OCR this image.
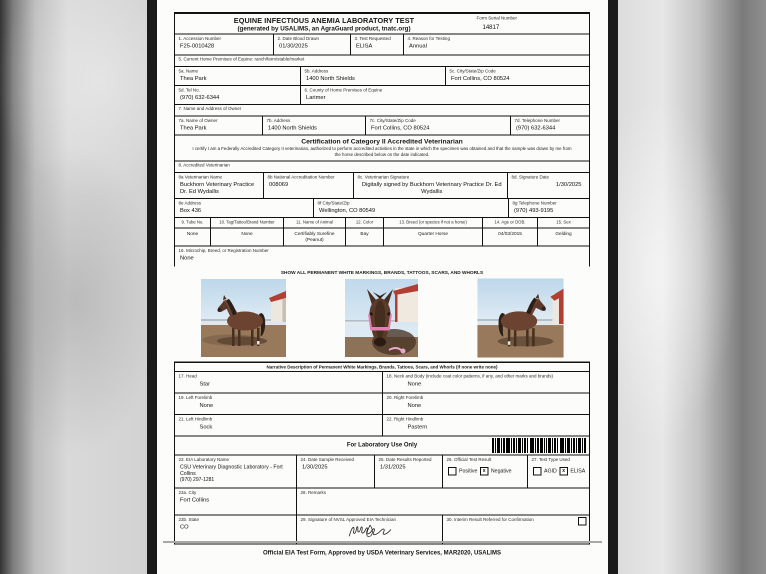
EQUINE INFECTIOUS ANEMIA LABORATORY TEST
(generated by USALIMS, an AgraGuard product, tnatc.org)
Form Serial Number
14817
1. Accession Number
F25-0010428
2. Date Blood Drawn
01/30/2025
3. Test Requested
ELISA
4. Reason for Testing
Annual
5. Current Home Premises of Equine: ranch/farm/stable/market
5a. Name
Thea Park
5b. Address
1400 North Shields
5c. City/State/Zip Code
Fort Collins, CO 80524
5d. Tel No.
(970) 632-6344
6. County of Home Premises of Equine
Larimer
7. Name and Address of Owner
7a. Name of Owner
Thea Park
7b. Address
1400 North Shields
7c. City/State/Zip Code
Fort Collins, CO 80524
7d. Telephone Number
(970) 632-6344
Certification of Category II Accredited Veterinarian
I certify I am a Federally Accredited Category II veterinarian, authorized to perform accredited activities in the state in which the specimen was obtained and that the sample was drawn by me from the horse described below on the date indicated.
8. Accredited Veterinarian
8a Veterinarian Name
Buckhorn Veterinary Practice Dr. Ed Wydallis
8b National Accreditation Number
008069
8c. Veterinarian Signature
Digitally signed by Buckhorn Veterinary Practice Dr. Ed Wydallis
8d. Signature Date
1/30/2025
8e Address
Box 436
8f City/State/Zip
Wellington, CO 80549
8g Telephone Number
(970) 493-9195
9. Tube No.
None
10. Tag/Tattoo/Brand Number
None
11. Name of Animal
Certifiably Surefine (Peanut)
12. Color
Bay
13. Breed (or species if not a horse)
Quarter Horse
14. Age or DOB.
04/03/2015
15. Sex
Gelding
16. Microchip, Breed, or Registration Number
None
SHOW ALL PERMANENT WHITE MARKINGS, BRANDS, TATTOOS, SCARS, AND WHORLS
Narrative Description of Permanent White Markings, Brands, Tattoos, Scars, and Whorls (if none write none)
17. Head
Star
18. Neck and Body (include coat color patterns, if any, and other marks and brands)
None
19. Left Forelimb
None
20. Right Forelimb
None
21. Left Hindlimb
Sock
22. Right Hindlimb
Pastern
For Laboratory Use Only
23. EIA Laboratory Name
CSU Veterinary Diagnostic Laboratory - Fort Collins
(970) 297-1281
24. Date Sample Received
1/30/2025
25. Date Results Reported
1/31/2025
26. Official Test Result
Positive x Negative
27. Test Type Used
AGID x ELISA
23a. City
Fort Collins
28. Remarks
23b. State
CO
29. Signature of NVSL Approved EIA Technician	30. Interim Result Referred for Confirmation
Official EIA Test Form, Approved by USDA Veterinary Services, MAR2020, USALIMS
